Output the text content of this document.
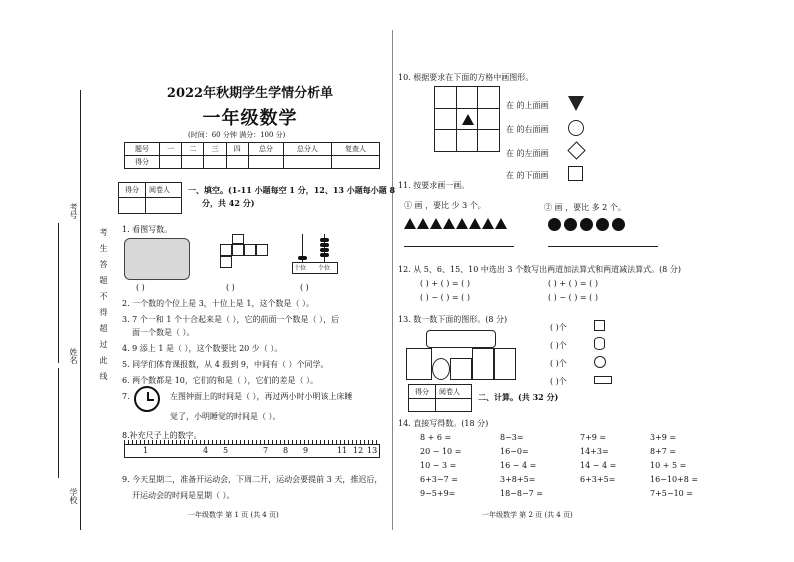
考号
姓名
学校
考生答题不得超过此线
2022年秋期学生学情分析单
一年级数学
(时间：60 分钟 满分：100 分)
题号	一	二	三	四	总分	总分人	复查人
得分							
得分 阅卷人 一、填空。(1-11 小题每空 1 分，12、13 小题每小题 8
分，共 42 分)
1. 看图写数。
十位 个位
( )	( )	( )
2. 一个数的个位上是 3，十位上是 1，这个数是（ ）。
3. 7 个一和 1 个十合起来是（ ），它的前面一个数是（ ），后
面一个数是（ ）。
4. 9 添上 1 是（ ），这个数要比 20 少（ ）。
5. 同学们体育课报数，从 4 报到 9，中间有（ ）个同学。
6. 两个数都是 10，它们的和是（ ），它们的差是（ ）。
7.	左图钟面上的时间是（ ），再过两小时小明该上床睡
觉了，小明睡觉的时间是（ ）。
8.补充尺子上的数字。
1	4 5	7 8 9	11 12 13
9. 今天星期二，准备开运动会，下周二开，运动会要提前 3 天，推迟后，
开运动会的时间是星期（ ）。
一年级数学 第 1 页 (共 4 页)
10. 根据要求在下面的方格中画图形。
在 的上面画
在 的右面画
在 的左面画
在 的下面画
11. 按要求画一画。
① 画 ，要比 少 3 个。	② 画 ，要比 多 2 个。
12. 从 5、6、15、10 中选出 3 个数写出两道加法算式和两道减法算式。(8 分)
( ) + ( ) = ( )	( ) + ( ) = ( )
( ) − ( ) = ( )	( ) − ( ) = ( )
13. 数一数下面的图形。(8 分)
( )个
( )个
( )个
( )个
得分 阅卷人 二、计算。(共 32 分)
14. 直接写得数。(18 分)
8 + 6 =	8−3=	7+9 =	3+9 =
20 − 10 =	16−0=	14+3=	8+7 =
10 − 3 =	16 − 4 =	14 − 4 =	10 + 5 =
6+3−7 =	3+8+5=	6+3+5=	16−10+8 =
9−5+9=	18−8−7 =	7+5−10 =
一年级数学 第 2 页 (共 4 页)
